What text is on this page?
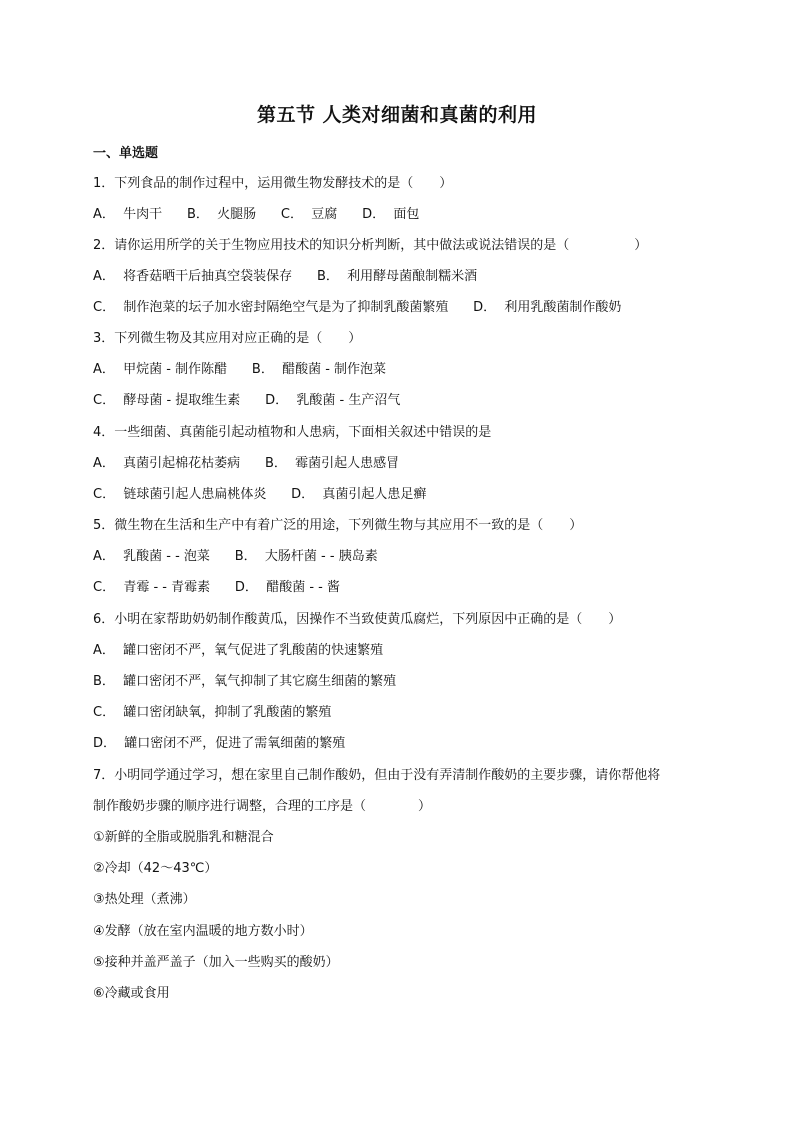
第五节 人类对细菌和真菌的利用
一、单选题
1．下列食品的制作过程中，运用微生物发酵技术的是（　　）
A．  牛肉干      B．  火腿肠      C．  豆腐      D．  面包
2．请你运用所学的关于生物应用技术的知识分析判断，其中做法或说法错误的是（　　　　　）
A．  将香菇晒干后抽真空袋装保存      B．  利用酵母菌酿制糯米酒
C．  制作泡菜的坛子加水密封隔绝空气是为了抑制乳酸菌繁殖      D．  利用乳酸菌制作酸奶
3．下列微生物及其应用对应正确的是（　　）
A．  甲烷菌 - 制作陈醋      B．  醋酸菌 - 制作泡菜
C．  酵母菌 - 提取维生素      D．  乳酸菌 - 生产沼气
4．一些细菌、真菌能引起动植物和人患病，下面相关叙述中错误的是
A．  真菌引起棉花枯萎病      B．  霉菌引起人患感冒
C．  链球菌引起人患扁桃体炎      D．  真菌引起人患足癣
5．微生物在生活和生产中有着广泛的用途，下列微生物与其应用不一致的是（　　）
A．  乳酸菌 - - 泡菜      B．  大肠杆菌 - - 胰岛素
C．  青霉 - - 青霉素      D．  醋酸菌 - - 酱
6．小明在家帮助奶奶制作酸黄瓜，因操作不当致使黄瓜腐烂，下列原因中正确的是（　　）
A．  罐口密闭不严，氧气促进了乳酸菌的快速繁殖
B．  罐口密闭不严，氧气抑制了其它腐生细菌的繁殖
C．  罐口密闭缺氧，抑制了乳酸菌的繁殖
D．  罐口密闭不严，促进了需氧细菌的繁殖
7．小明同学通过学习，想在家里自己制作酸奶，但由于没有弄清制作酸奶的主要步骤，请你帮他将
制作酸奶步骤的顺序进行调整，合理的工序是（　　　　）
①新鲜的全脂或脱脂乳和糖混合
②冷却（42～43℃）
③热处理（煮沸）
④发酵（放在室内温暖的地方数小时）
⑤接种并盖严盖子（加入一些购买的酸奶）
⑥冷藏或食用
